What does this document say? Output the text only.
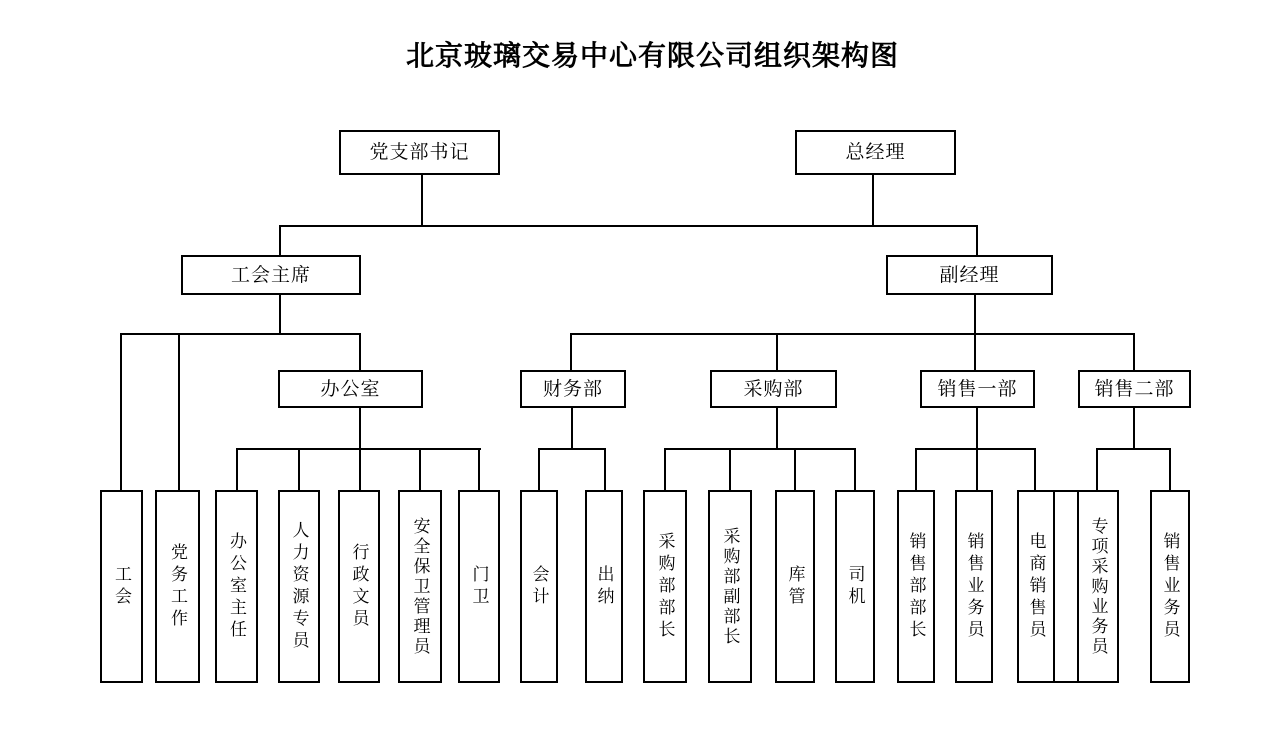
北京玻璃交易中心有限公司组织架构图
党支部书记	总经理
工会主席	副经理
办公室	财务部	采购部	销售一部	销售二部
工会 党务工作 办公室主任	人力资源专员 行政文员 安全保卫管理员 门卫 会计	出纳 采购部部长	采购部副部长	库管 司机 销售部部长 销售业务员	电商销售员	专项采购业务员	销售业务员
